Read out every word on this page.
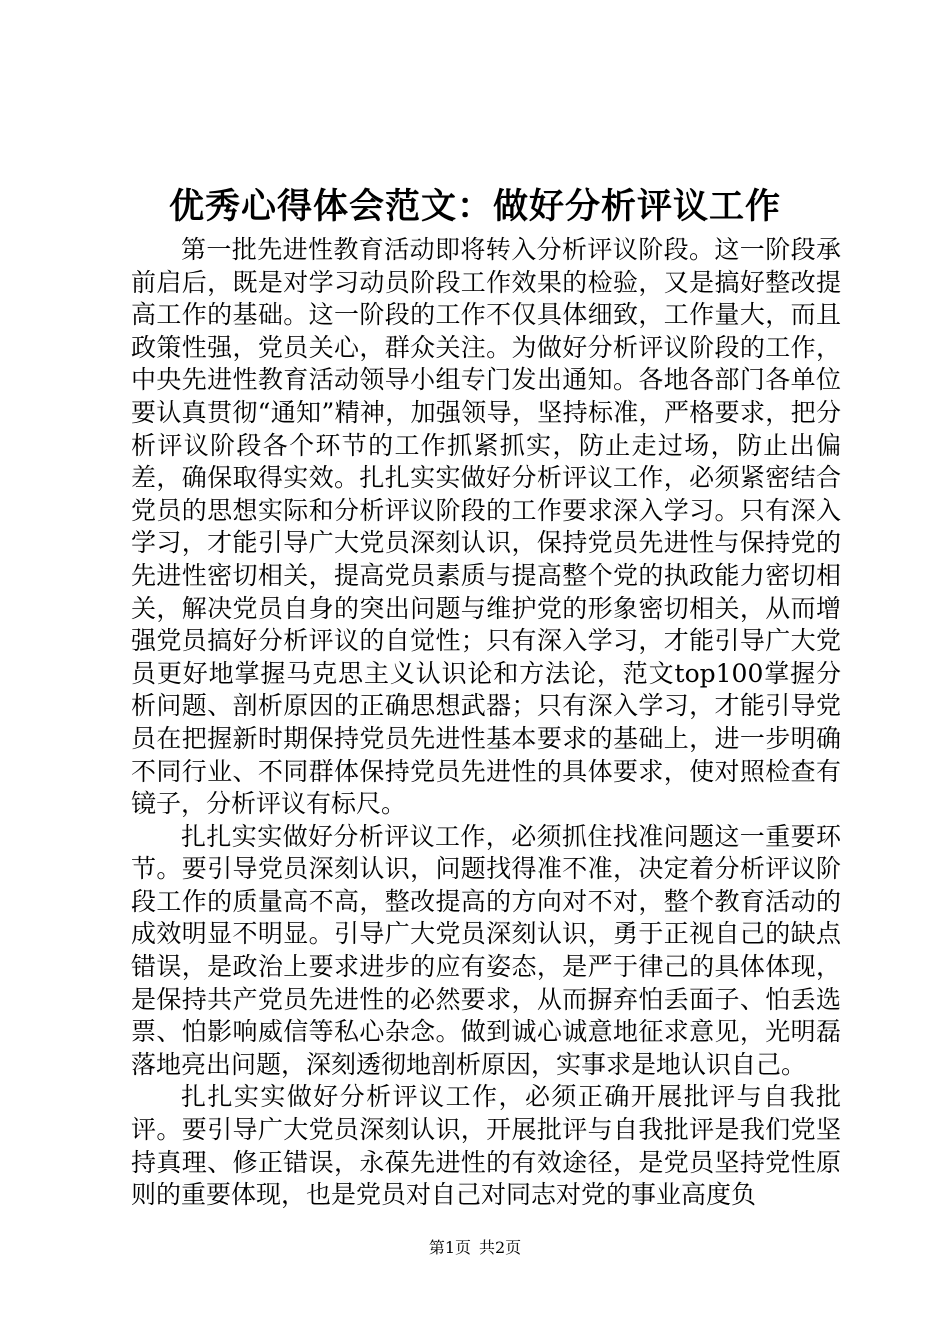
优秀心得体会范文：做好分析评议工作

第一批先进性教育活动即将转入分析评议阶段。这一阶段承前启后，既是对学习动员阶段工作效果的检验，又是搞好整改提高工作的基础。这一阶段的工作不仅具体细致，工作量大，而且政策性强，党员关心，群众关注。为做好分析评议阶段的工作，中央先进性教育活动领导小组专门发出通知。各地各部门各单位要认真贯彻“通知”精神，加强领导，坚持标准，严格要求，把分析评议阶段各个环节的工作抓紧抓实，防止走过场，防止出偏差，确保取得实效。扎扎实实做好分析评议工作，必须紧密结合党员的思想实际和分析评议阶段的工作要求深入学习。只有深入学习，才能引导广大党员深刻认识，保持党员先进性与保持党的先进性密切相关，提高党员素质与提高整个党的执政能力密切相关，解决党员自身的突出问题与维护党的形象密切相关，从而增强党员搞好分析评议的自觉性；只有深入学习，才能引导广大党员更好地掌握马克思主义认识论和方法论，范文top100掌握分析问题、剖析原因的正确思想武器；只有深入学习，才能引导党员在把握新时期保持党员先进性基本要求的基础上，进一步明确不同行业、不同群体保持党员先进性的具体要求，使对照检查有镜子，分析评议有标尺。

扎扎实实做好分析评议工作，必须抓住找准问题这一重要环节。要引导党员深刻认识，问题找得准不准，决定着分析评议阶段工作的质量高不高，整改提高的方向对不对，整个教育活动的成效明显不明显。引导广大党员深刻认识，勇于正视自己的缺点错误，是政治上要求进步的应有姿态，是严于律己的具体体现，是保持共产党员先进性的必然要求，从而摒弃怕丢面子、怕丢选票、怕影响威信等私心杂念。做到诚心诚意地征求意见，光明磊落地亮出问题，深刻透彻地剖析原因，实事求是地认识自己。

扎扎实实做好分析评议工作，必须正确开展批评与自我批评。要引导广大党员深刻认识，开展批评与自我批评是我们党坚持真理、修正错误，永葆先进性的有效途径，是党员坚持党性原则的重要体现，也是党员对自己对同志对党的事业高度负

第1页 共2页
